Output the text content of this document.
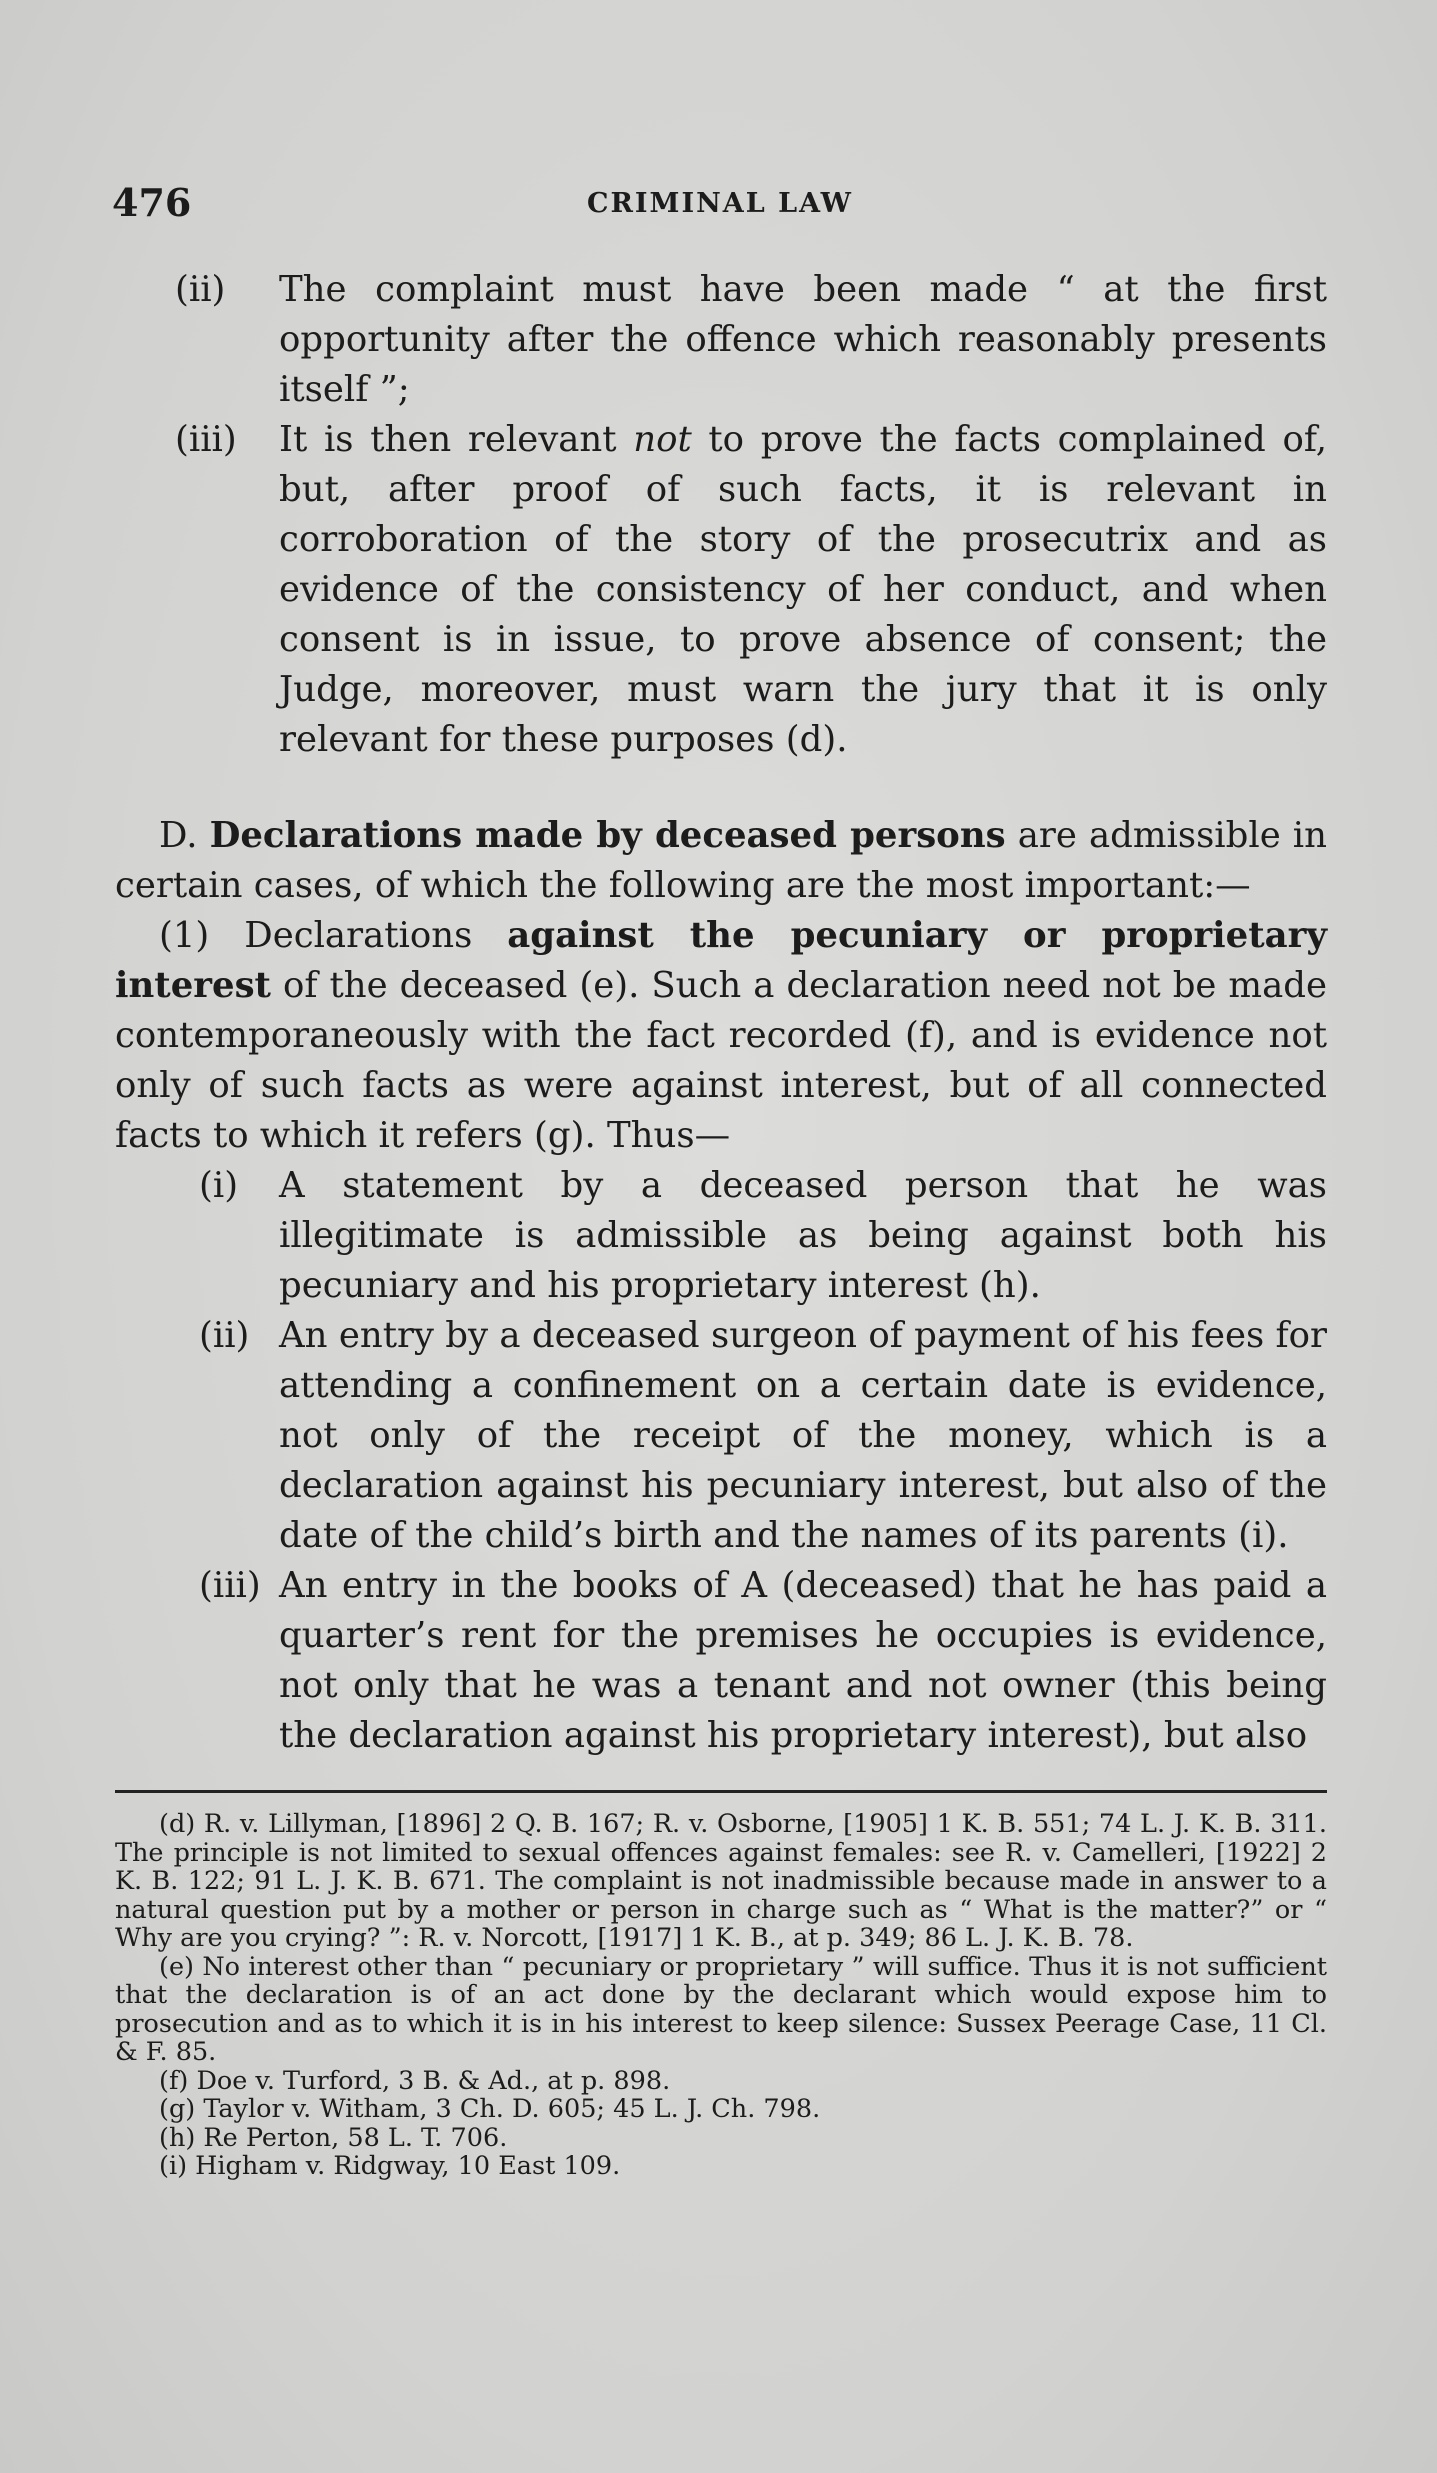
476	CRIMINAL LAW

(ii)	The complaint must have been made “ at the first opportunity after the offence which reasonably presents itself ”;

(iii)	It is then relevant not to prove the facts complained of, but, after proof of such facts, it is relevant in corroboration of the story of the prosecutrix and as evidence of the consistency of her conduct, and when consent is in issue, to prove absence of consent; the Judge, moreover, must warn the jury that it is only relevant for these purposes (d).

D. Declarations made by deceased persons are admissible in certain cases, of which the following are the most important:—

(1) Declarations against the pecuniary or proprietary interest of the deceased (e). Such a declaration need not be made contemporaneously with the fact recorded (f), and is evidence not only of such facts as were against interest, but of all connected facts to which it refers (g). Thus—

(i)	A statement by a deceased person that he was illegitimate is admissible as being against both his pecuniary and his proprietary interest (h).

(ii) An entry by a deceased surgeon of payment of his fees for attending a confinement on a certain date is evidence, not only of the receipt of the money, which is a declaration against his pecuniary interest, but also of the date of the child’s birth and the names of its parents (i).

(iii) An entry in the books of A (deceased) that he has paid a quarter’s rent for the premises he occupies is evidence, not only that he was a tenant and not owner (this being the declaration against his proprietary interest), but also

(d) R. v. Lillyman, [1896] 2 Q. B. 167; R. v. Osborne, [1905] 1 K. B. 551; 74 L. J. K. B. 311. The principle is not limited to sexual offences against females: see R. v. Camelleri, [1922] 2 K. B. 122; 91 L. J. K. B. 671. The complaint is not inadmissible because made in answer to a natural question put by a mother or person in charge such as “ What is the matter?” or “ Why are you crying? ”: R. v. Norcott, [1917] 1 K. B., at p. 349; 86 L. J. K. B. 78.

(e) No interest other than “ pecuniary or proprietary ” will suffice. Thus it is not sufficient that the declaration is of an act done by the declarant which would expose him to prosecution and as to which it is in his interest to keep silence: Sussex Peerage Case, 11 Cl. & F. 85.

(f) Doe v. Turford, 3 B. & Ad., at p. 898.

(g) Taylor v. Witham, 3 Ch. D. 605; 45 L. J. Ch. 798.

(h) Re Perton, 58 L. T. 706.

(i) Higham v. Ridgway, 10 East 109.
